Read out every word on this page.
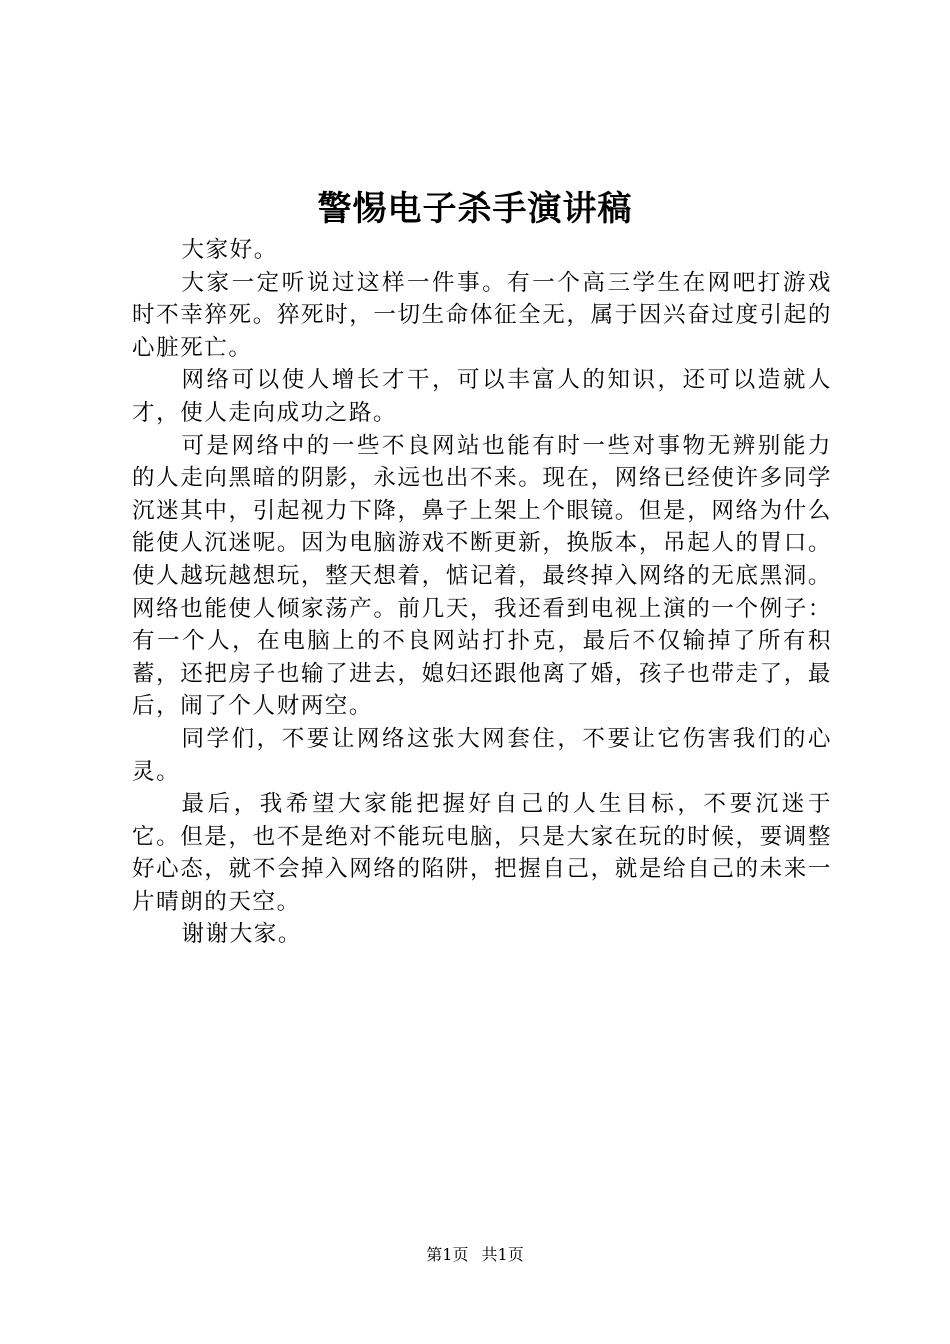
警惕电子杀手演讲稿

大家好。

大家一定听说过这样一件事。有一个高三学生在网吧打游戏时不幸猝死。猝死时，一切生命体征全无，属于因兴奋过度引起的心脏死亡。

网络可以使人增长才干，可以丰富人的知识，还可以造就人才，使人走向成功之路。

可是网络中的一些不良网站也能有时一些对事物无辨别能力的人走向黑暗的阴影，永远也出不来。现在，网络已经使许多同学沉迷其中，引起视力下降，鼻子上架上个眼镜。但是，网络为什么能使人沉迷呢。因为电脑游戏不断更新，换版本，吊起人的胃口。使人越玩越想玩，整天想着，惦记着，最终掉入网络的无底黑洞。网络也能使人倾家荡产。前几天，我还看到电视上演的一个例子：有一个人，在电脑上的不良网站打扑克，最后不仅输掉了所有积蓄，还把房子也输了进去，媳妇还跟他离了婚，孩子也带走了，最后，闹了个人财两空。

同学们，不要让网络这张大网套住，不要让它伤害我们的心灵。

最后，我希望大家能把握好自己的人生目标，不要沉迷于它。但是，也不是绝对不能玩电脑，只是大家在玩的时候，要调整好心态，就不会掉入网络的陷阱，把握自己，就是给自己的未来一片晴朗的天空。

谢谢大家。

第1页 共1页
